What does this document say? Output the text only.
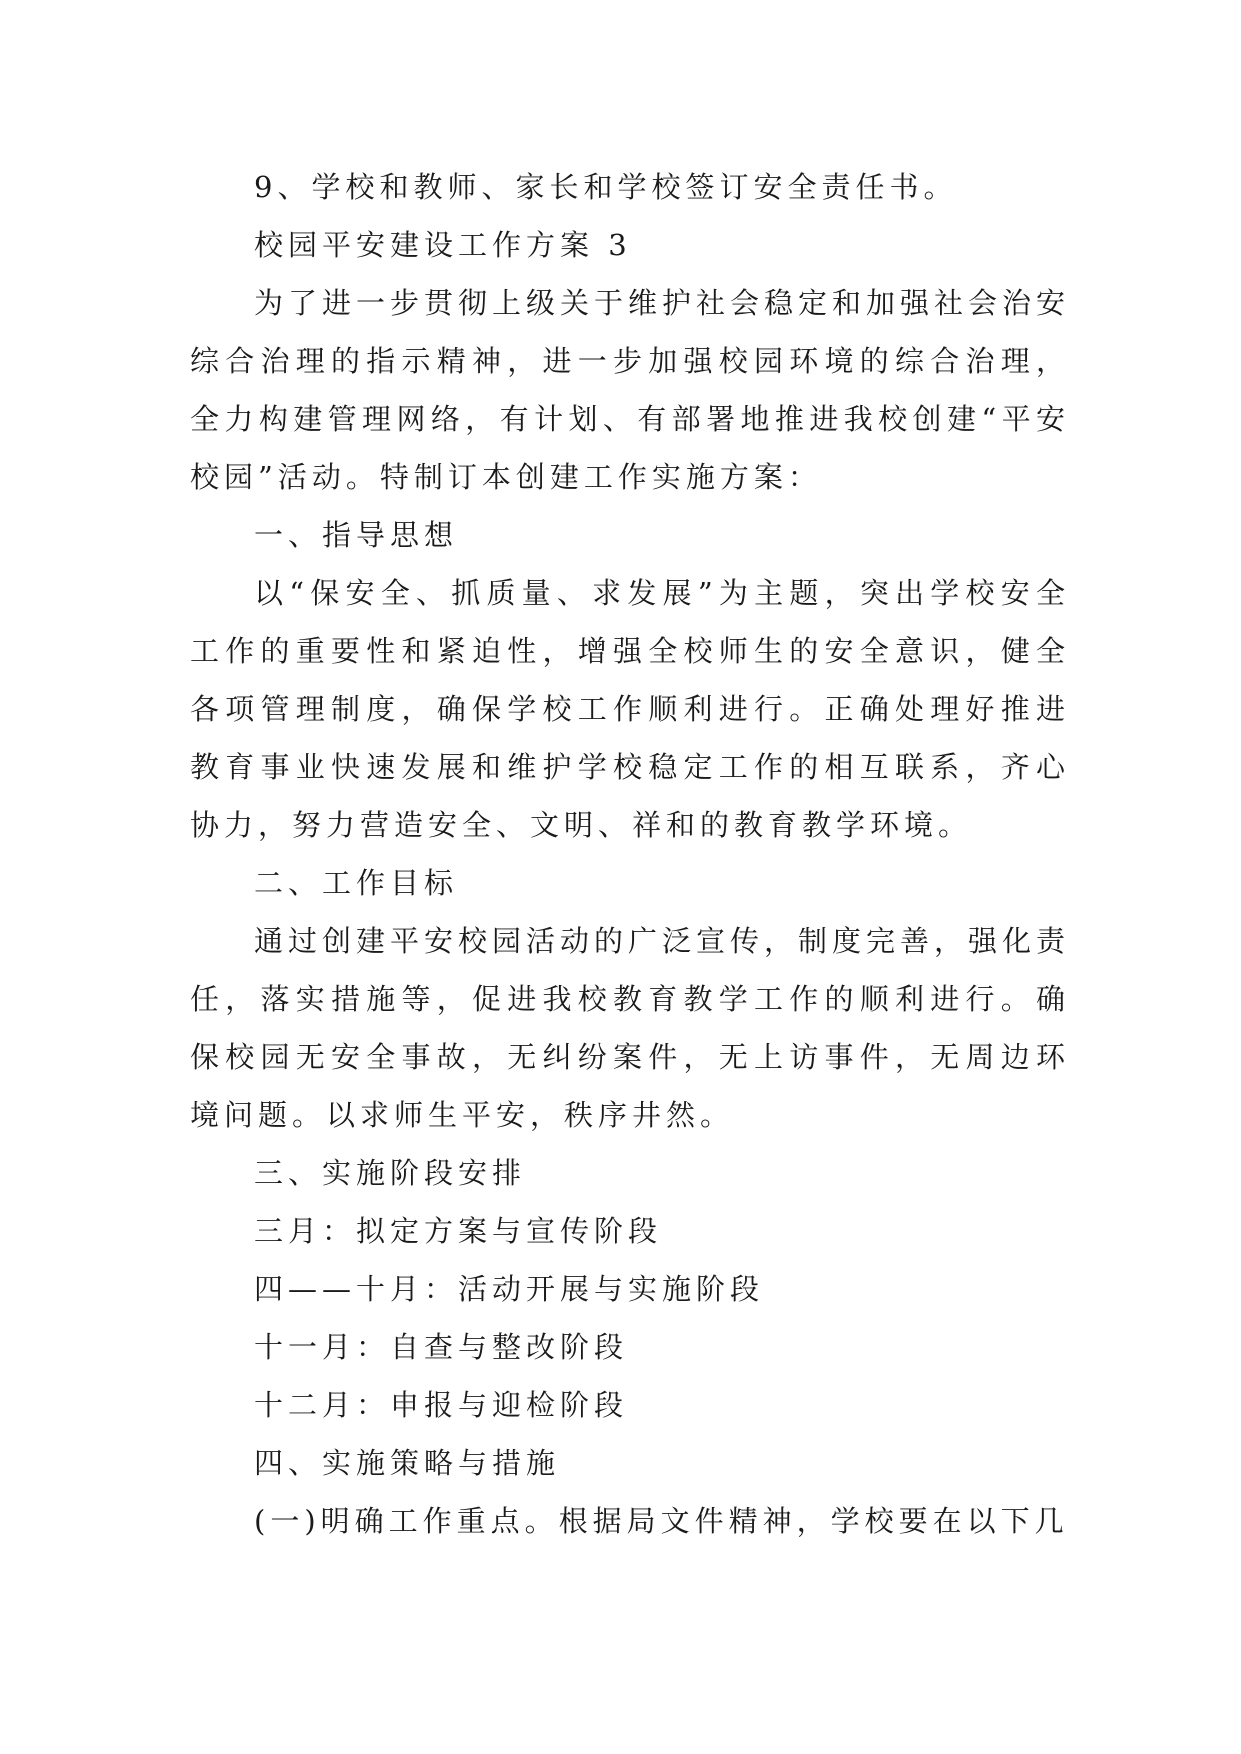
9、学校和教师、家长和学校签订安全责任书。

校园平安建设工作方案 3

为了进一步贯彻上级关于维护社会稳定和加强社会治安综合治理的指示精神，进一步加强校园环境的综合治理，全力构建管理网络，有计划、有部署地推进我校创建“平安校园”活动。特制订本创建工作实施方案：

一、指导思想

以“保安全、抓质量、求发展”为主题，突出学校安全工作的重要性和紧迫性，增强全校师生的安全意识，健全各项管理制度，确保学校工作顺利进行。正确处理好推进教育事业快速发展和维护学校稳定工作的相互联系，齐心协力，努力营造安全、文明、祥和的教育教学环境。

二、工作目标

通过创建平安校园活动的广泛宣传，制度完善，强化责任，落实措施等，促进我校教育教学工作的顺利进行。确保校园无安全事故，无纠纷案件，无上访事件，无周边环境问题。以求师生平安，秩序井然。

三、实施阶段安排

三月：拟定方案与宣传阶段

四——十月：活动开展与实施阶段

十一月：自查与整改阶段

十二月：申报与迎检阶段

四、实施策略与措施

(一)明确工作重点。根据局文件精神，学校要在以下几
